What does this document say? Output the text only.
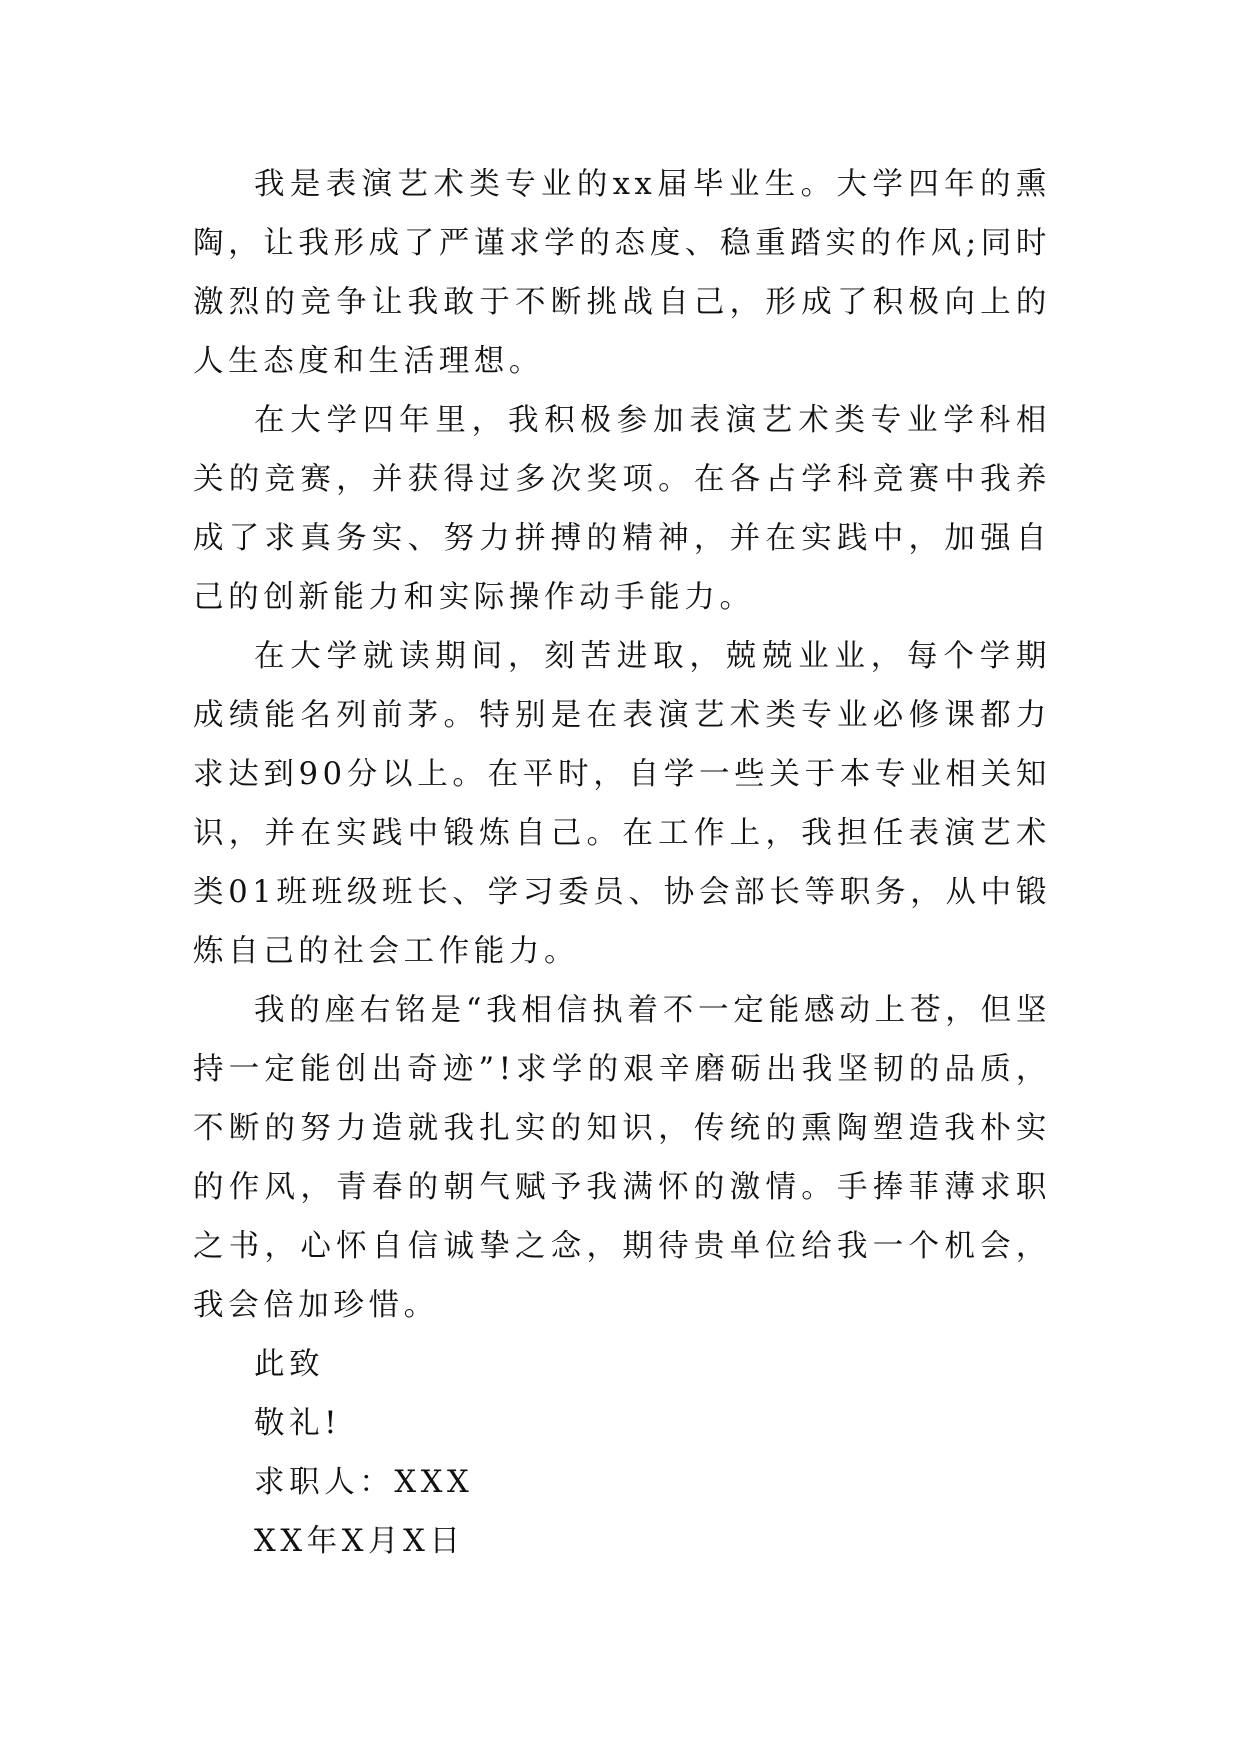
我是表演艺术类专业的xx届毕业生。大学四年的熏陶，让我形成了严谨求学的态度、稳重踏实的作风;同时激烈的竞争让我敢于不断挑战自己，形成了积极向上的人生态度和生活理想。

在大学四年里，我积极参加表演艺术类专业学科相关的竞赛，并获得过多次奖项。在各占学科竞赛中我养成了求真务实、努力拼搏的精神，并在实践中，加强自己的创新能力和实际操作动手能力。

在大学就读期间，刻苦进取，兢兢业业，每个学期成绩能名列前茅。特别是在表演艺术类专业必修课都力求达到90分以上。在平时，自学一些关于本专业相关知识，并在实践中锻炼自己。在工作上，我担任表演艺术类01班班级班长、学习委员、协会部长等职务，从中锻炼自己的社会工作能力。

我的座右铭是“我相信执着不一定能感动上苍，但坚持一定能创出奇迹”!求学的艰辛磨砺出我坚韧的品质，不断的努力造就我扎实的知识，传统的熏陶塑造我朴实的作风，青春的朝气赋予我满怀的激情。手捧菲薄求职之书，心怀自信诚挚之念，期待贵单位给我一个机会，我会倍加珍惜。

此致

敬礼!

求职人：XXX

XX年X月X日
